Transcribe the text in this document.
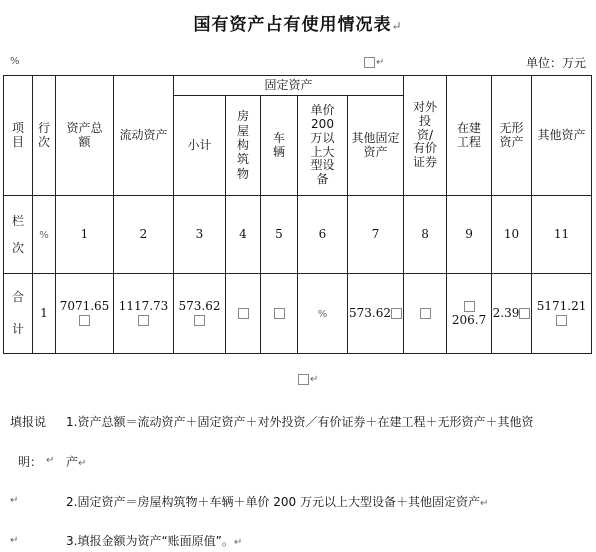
国有资产占有使用情况表↵
%	↵	单位：万元
项目	行次	资产总额	流动资产	固定资产					对外投资/有价证券	在建工程	无形资产	其他资产

				小计	房屋构筑物	车辆	单价200万以上大型设备	其他固定资产				

栏次	%	1	2	3	4	5	6	7	8	9	10	11
合计	1	7071.65	1117.73	573.62			%	573.62		206.7	2.39	5171.21
↵
填报说 1.资产总额＝流动资产＋固定资产＋对外投资／有价证券＋在建工程＋无形资产＋其他资
明： ↵ 产↵
↵	2.固定资产＝房屋构筑物＋车辆＋单价 200 万元以上大型设备＋其他固定资产↵
↵	3.填报金额为资产“账面原值”。↵
